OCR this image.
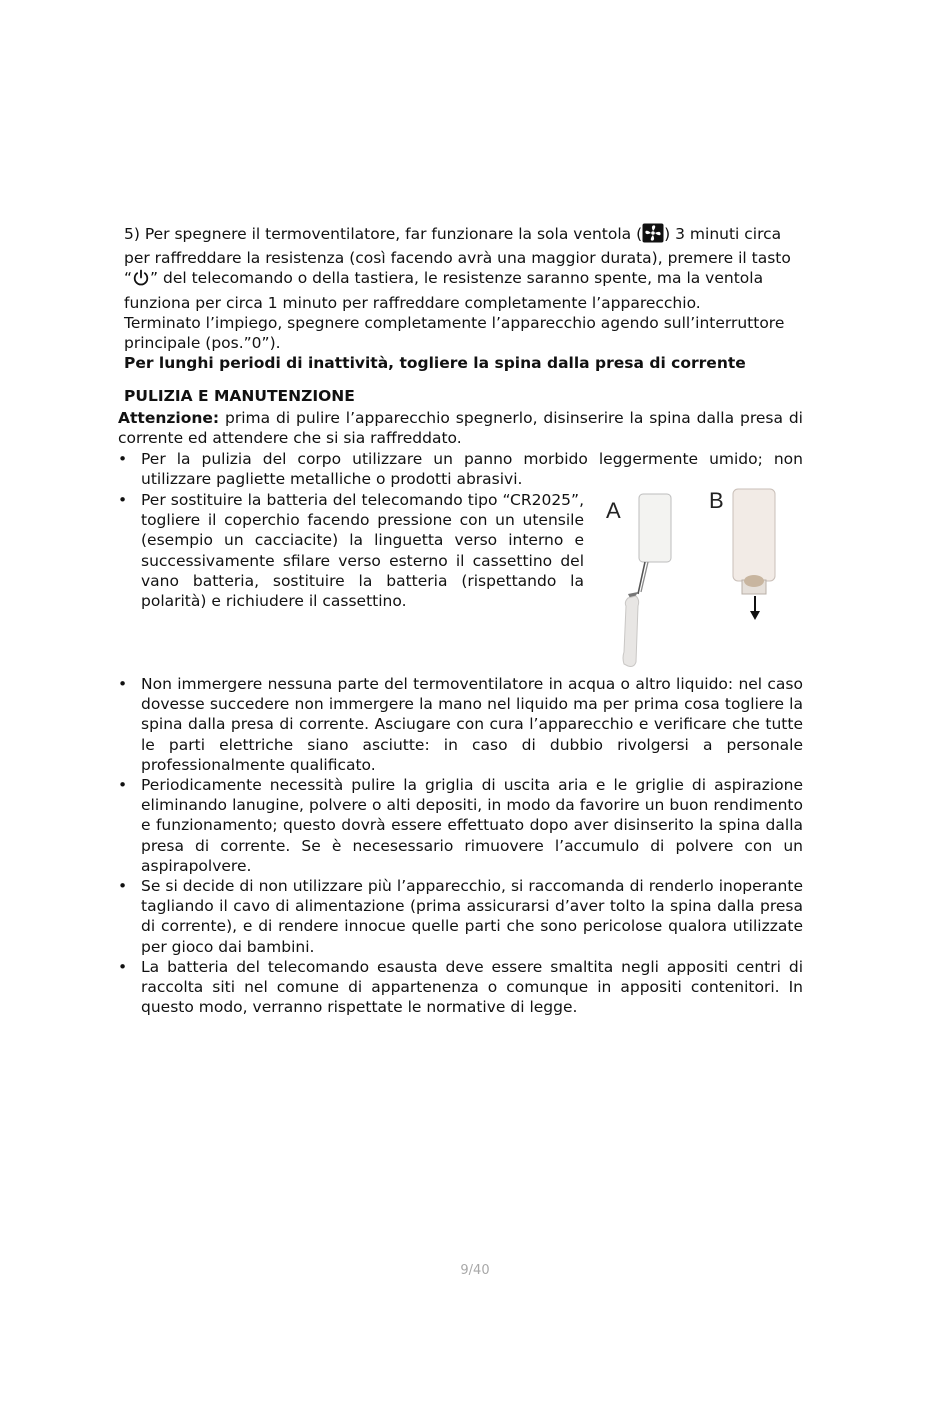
5) Per spegnere il termoventilatore, far funzionare la sola ventola ( ) 3 minuti circa

per raffreddare la resistenza (così facendo avrà una maggior durata), premere il tasto

“ ” del telecomando o della tastiera, le resistenze saranno spente, ma la ventola

funziona per circa 1 minuto per raffreddare completamente l’apparecchio.

Terminato l’impiego, spegnere completamente l’apparecchio agendo sull’interruttore

principale (pos.”0”).

Per lunghi periodi di inattività, togliere la spina dalla presa di corrente

PULIZIA E MANUTENZIONE

Attenzione: prima di pulire l’apparecchio spegnerlo, disinserire la spina dalla presa di corrente ed attendere che si sia raffreddato.

• Per la pulizia del corpo utilizzare un panno morbido leggermente umido; non utilizzare pagliette metalliche o prodotti abrasivi.
• Per sostituire la batteria del telecomando tipo “CR2025”, togliere il coperchio facendo pressione con un utensile (esempio un cacciacite) la linguetta verso interno e successivamente sfilare verso esterno il cassettino del vano batteria, sostituire la batteria (rispettando la polarità) e richiudere il cassettino.
A	B
• Non immergere nessuna parte del termoventilatore in acqua o altro liquido: nel caso dovesse succedere non immergere la mano nel liquido ma per prima cosa togliere la spina dalla presa di corrente. Asciugare con cura l’apparecchio e verificare che tutte le parti elettriche siano asciutte: in caso di dubbio rivolgersi a personale professionalmente qualificato.
• Periodicamente necessità pulire la griglia di uscita aria e le griglie di aspirazione eliminando lanugine, polvere o alti depositi, in modo da favorire un buon rendimento e funzionamento; questo dovrà essere effettuato dopo aver disinserito la spina dalla presa di corrente. Se è necesessario rimuovere l’accumulo di polvere con un aspirapolvere.
• Se si decide di non utilizzare più l’apparecchio, si raccomanda di renderlo inoperante tagliando il cavo di alimentazione (prima assicurarsi d’aver tolto la spina dalla presa di corrente), e di rendere innocue quelle parti che sono pericolose qualora utilizzate per gioco dai bambini.
• La batteria del telecomando esausta deve essere smaltita negli appositi centri di raccolta siti nel comune di appartenenza o comunque in appositi contenitori. In questo modo, verranno rispettate le normative di legge.
9/40
